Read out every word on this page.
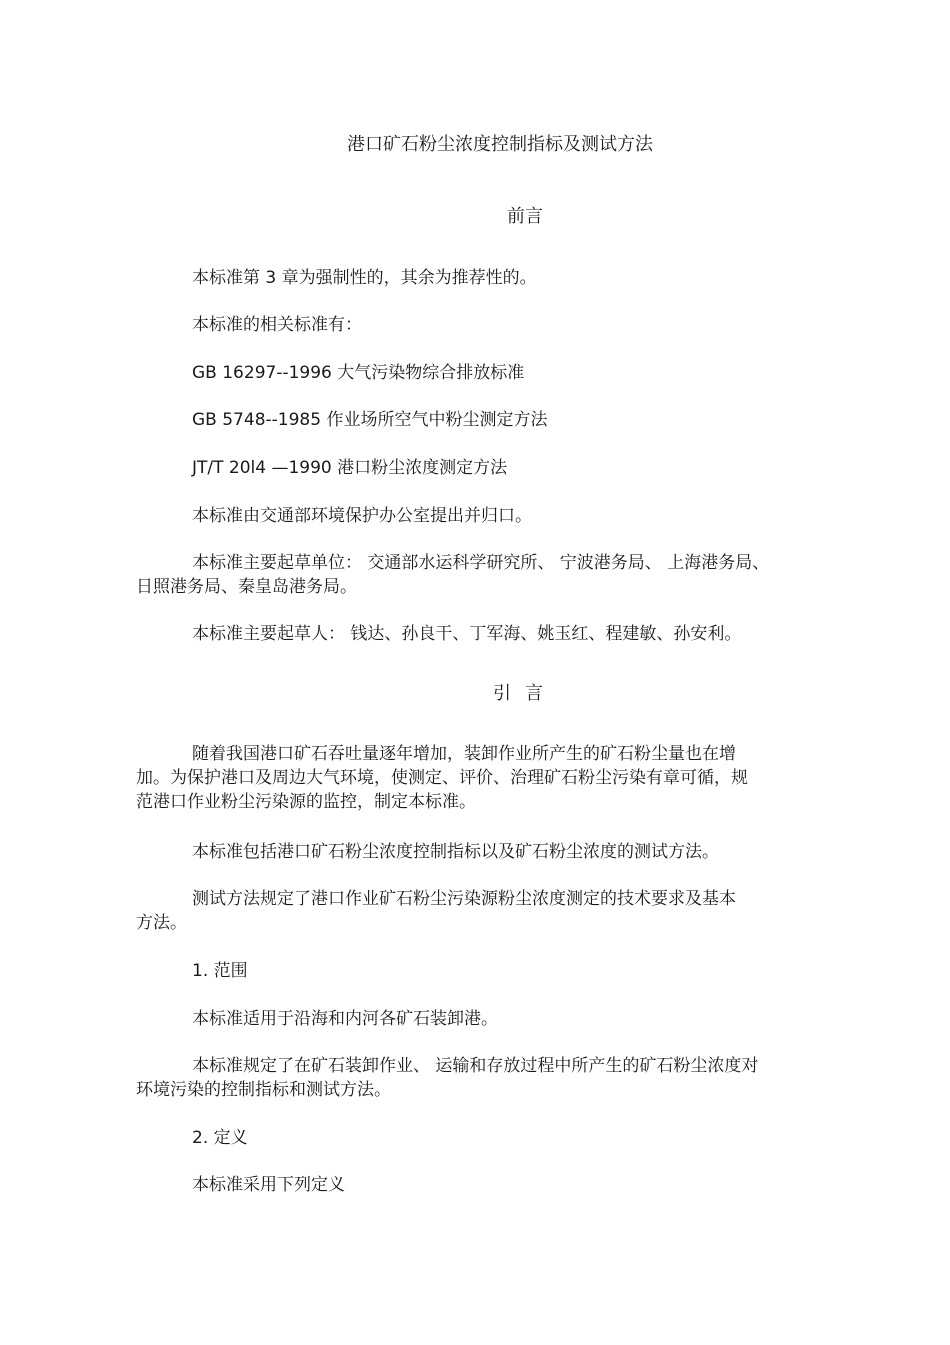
港口矿石粉尘浓度控制指标及测试方法
前言
本标准第 3 章为强制性的，其余为推荐性的。
本标准的相关标准有：
GB 16297--1996 大气污染物综合排放标准
GB 5748--1985 作业场所空气中粉尘测定方法
JT/T 20l4 —1990 港口粉尘浓度测定方法
本标准由交通部环境保护办公室提出并归口。
本标准主要起草单位： 交通部水运科学研究所、 宁波港务局、 上海港务局、
日照港务局、秦皇岛港务局。
本标准主要起草人： 钱达、孙良干、丁军海、姚玉红、程建敏、孙安利。
引言
随着我国港口矿石吞吐量逐年增加，装卸作业所产生的矿石粉尘量也在增
加。为保护港口及周边大气环境，使测定、评价、治理矿石粉尘污染有章可循，规
范港口作业粉尘污染源的监控，制定本标准。
本标准包括港口矿石粉尘浓度控制指标以及矿石粉尘浓度的测试方法。
测试方法规定了港口作业矿石粉尘污染源粉尘浓度测定的技术要求及基本
方法。
1. 范围
本标准适用于沿海和内河各矿石装卸港。
本标准规定了在矿石装卸作业、 运输和存放过程中所产生的矿石粉尘浓度对
环境污染的控制指标和测试方法。
2. 定义
本标准采用下列定义
